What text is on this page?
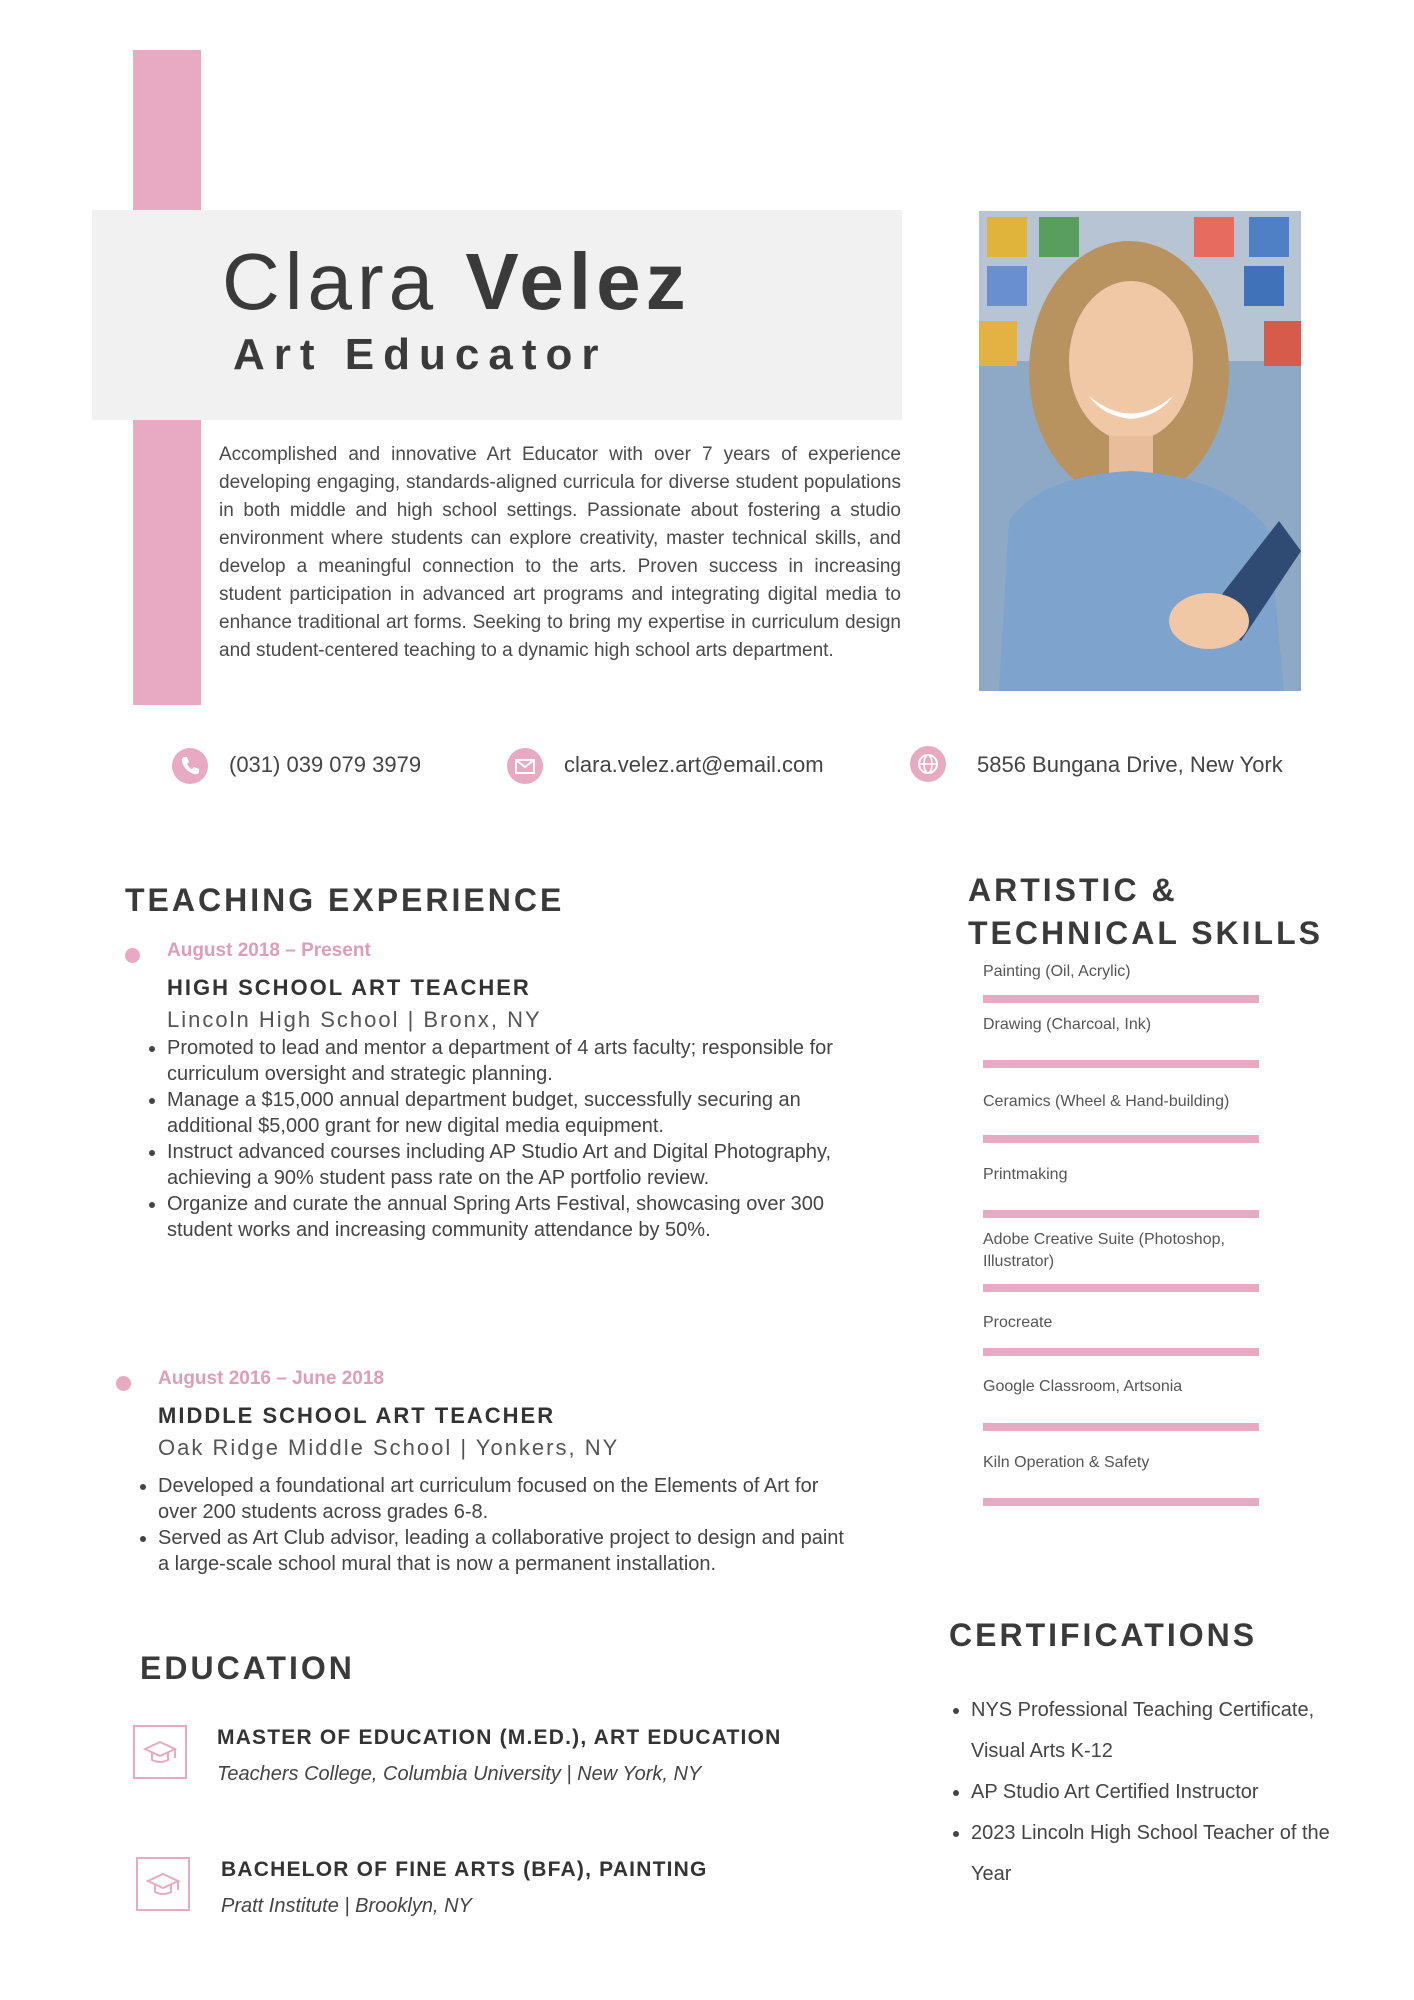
Clara Velez
Art Educator
Accomplished and innovative Art Educator with over 7 years of experience developing engaging, standards-aligned curricula for diverse student populations in both middle and high school settings. Passionate about fostering a studio environment where students can explore creativity, master technical skills, and develop a meaningful connection to the arts. Proven success in increasing student participation in advanced art programs and integrating digital media to enhance traditional art forms. Seeking to bring my expertise in curriculum design and student-centered teaching to a dynamic high school arts department.
(031) 039 079 3979	clara.velez.art@email.com	5856 Bungana Drive, New York
TEACHING EXPERIENCE
August 2018 – Present
HIGH SCHOOL ART TEACHER
Lincoln High School | Bronx, NY
• Promoted to lead and mentor a department of 4 arts faculty; responsible for curriculum oversight and strategic planning.
• Manage a $15,000 annual department budget, successfully securing an additional $5,000 grant for new digital media equipment.
• Instruct advanced courses including AP Studio Art and Digital Photography, achieving a 90% student pass rate on the AP portfolio review.
• Organize and curate the annual Spring Arts Festival, showcasing over 300 student works and increasing community attendance by 50%.
August 2016 – June 2018
MIDDLE SCHOOL ART TEACHER
Oak Ridge Middle School | Yonkers, NY
• Developed a foundational art curriculum focused on the Elements of Art for over 200 students across grades 6-8.
• Served as Art Club advisor, leading a collaborative project to design and paint a large-scale school mural that is now a permanent installation.
ARTISTIC &
TECHNICAL SKILLS
Painting (Oil, Acrylic)
Drawing (Charcoal, Ink)
Ceramics (Wheel & Hand-building)
Printmaking
Adobe Creative Suite (Photoshop, Illustrator)
Procreate
Google Classroom, Artsonia
Kiln Operation & Safety
EDUCATION
MASTER OF EDUCATION (M.ED.), ART EDUCATION
Teachers College, Columbia University | New York, NY
BACHELOR OF FINE ARTS (BFA), PAINTING
Pratt Institute | Brooklyn, NY
CERTIFICATIONS
• NYS Professional Teaching Certificate, Visual Arts K-12
• AP Studio Art Certified Instructor
• 2023 Lincoln High School Teacher of the Year
